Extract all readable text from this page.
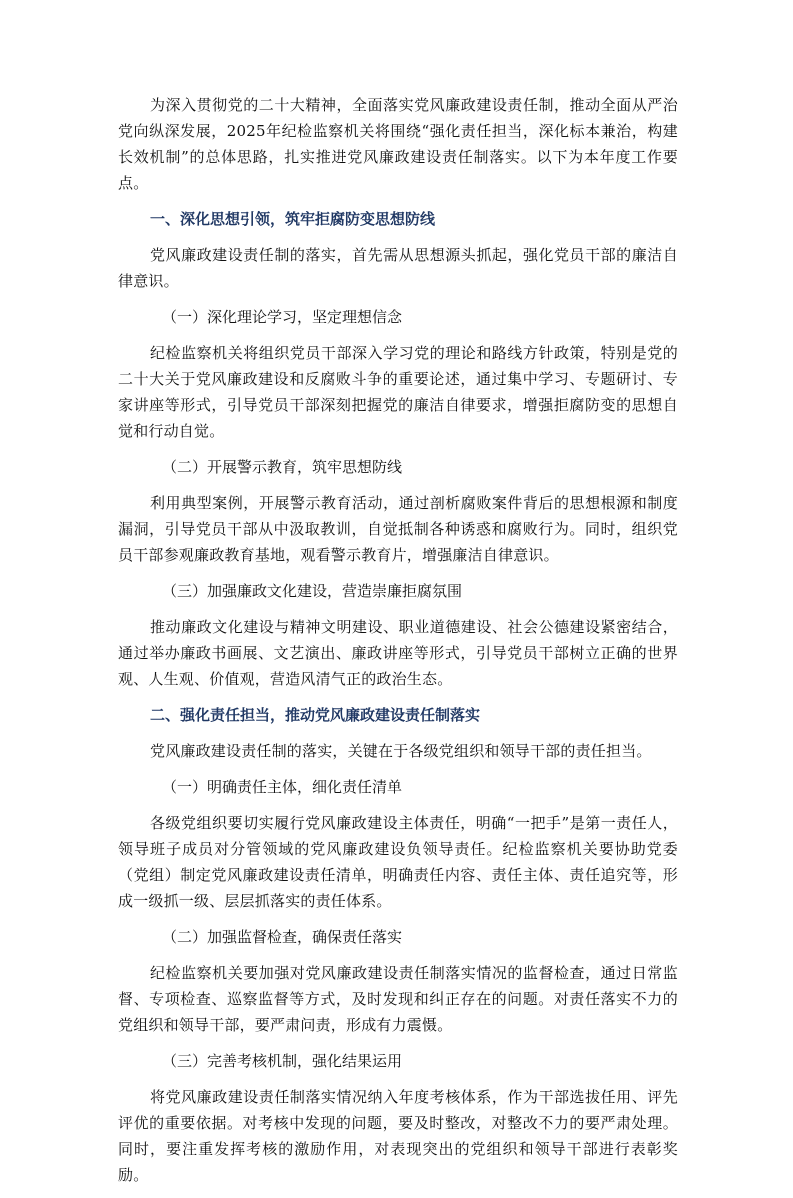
为深入贯彻党的二十大精神，全面落实党风廉政建设责任制，推动全面从严治党向纵深发展，2025年纪检监察机关将围绕“强化责任担当，深化标本兼治，构建长效机制”的总体思路，扎实推进党风廉政建设责任制落实。以下为本年度工作要点。

一、深化思想引领，筑牢拒腐防变思想防线

党风廉政建设责任制的落实，首先需从思想源头抓起，强化党员干部的廉洁自律意识。

（一）深化理论学习，坚定理想信念

纪检监察机关将组织党员干部深入学习党的理论和路线方针政策，特别是党的二十大关于党风廉政建设和反腐败斗争的重要论述，通过集中学习、专题研讨、专家讲座等形式，引导党员干部深刻把握党的廉洁自律要求，增强拒腐防变的思想自觉和行动自觉。

（二）开展警示教育，筑牢思想防线

利用典型案例，开展警示教育活动，通过剖析腐败案件背后的思想根源和制度漏洞，引导党员干部从中汲取教训，自觉抵制各种诱惑和腐败行为。同时，组织党员干部参观廉政教育基地，观看警示教育片，增强廉洁自律意识。

（三）加强廉政文化建设，营造崇廉拒腐氛围

推动廉政文化建设与精神文明建设、职业道德建设、社会公德建设紧密结合，通过举办廉政书画展、文艺演出、廉政讲座等形式，引导党员干部树立正确的世界观、人生观、价值观，营造风清气正的政治生态。

二、强化责任担当，推动党风廉政建设责任制落实

党风廉政建设责任制的落实，关键在于各级党组织和领导干部的责任担当。

（一）明确责任主体，细化责任清单

各级党组织要切实履行党风廉政建设主体责任，明确“一把手”是第一责任人，领导班子成员对分管领域的党风廉政建设负领导责任。纪检监察机关要协助党委（党组）制定党风廉政建设责任清单，明确责任内容、责任主体、责任追究等，形成一级抓一级、层层抓落实的责任体系。

（二）加强监督检查，确保责任落实

纪检监察机关要加强对党风廉政建设责任制落实情况的监督检查，通过日常监督、专项检查、巡察监督等方式，及时发现和纠正存在的问题。对责任落实不力的党组织和领导干部，要严肃问责，形成有力震慑。

（三）完善考核机制，强化结果运用

将党风廉政建设责任制落实情况纳入年度考核体系，作为干部选拔任用、评先评优的重要依据。对考核中发现的问题，要及时整改，对整改不力的要严肃处理。同时，要注重发挥考核的激励作用，对表现突出的党组织和领导干部进行表彰奖励。
